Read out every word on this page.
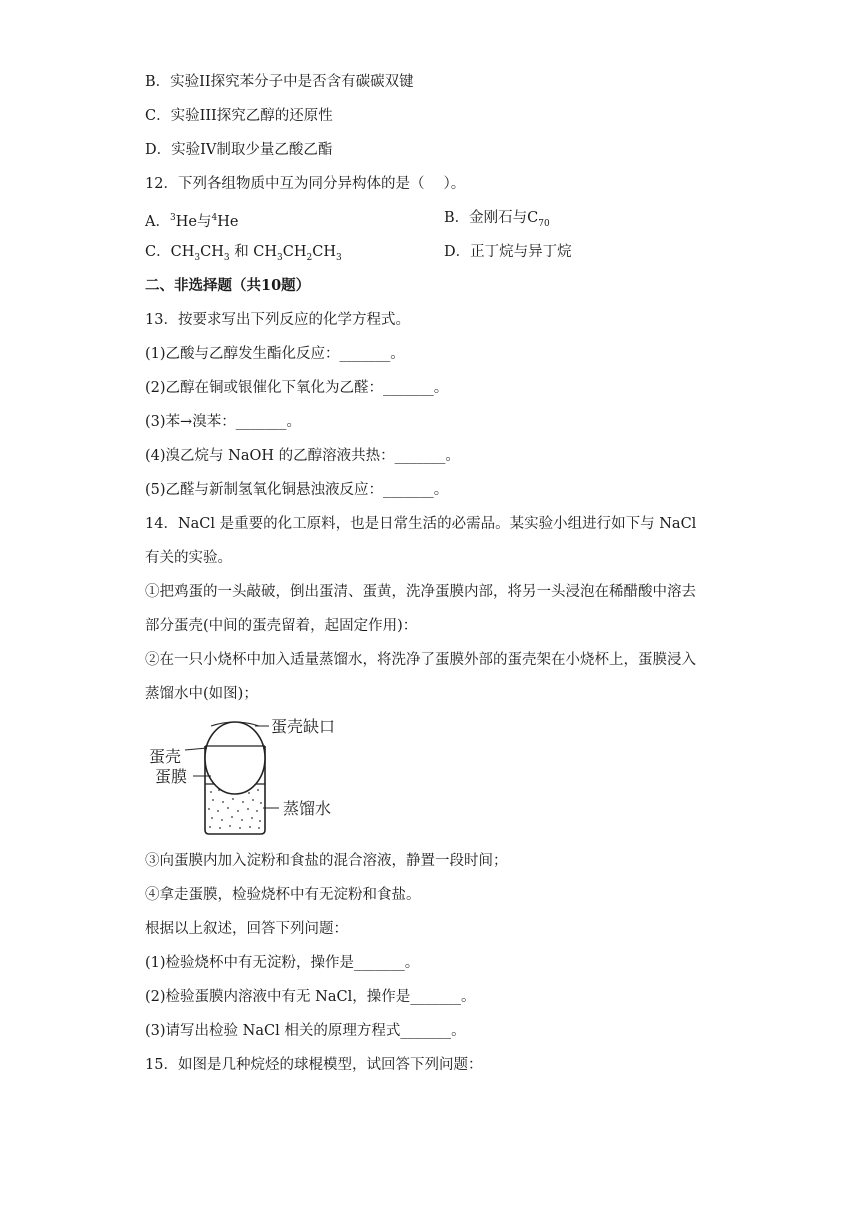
B．实验II探究苯分子中是否含有碳碳双键
C．实验III探究乙醇的还原性
D．实验IV制取少量乙酸乙酯
12．下列各组物质中互为同分异构体的是（　 ）。
A．$^3$He与$^4$He	B．金刚石与$C_{70}$
C．$CH_3CH_3$ 和 $CH_3CH_2CH_3$	D．正丁烷与异丁烷
二、非选择题（共10题）
13．按要求写出下列反应的化学方程式。
(1)乙酸与乙醇发生酯化反应：_______。
(2)乙醇在铜或银催化下氧化为乙醛：_______。
(3)苯→溴苯：_______。
(4)溴乙烷与 NaOH 的乙醇溶液共热：_______。
(5)乙醛与新制氢氧化铜悬浊液反应：_______。
14．NaCl 是重要的化工原料，也是日常生活的必需品。某实验小组进行如下与 NaCl
有关的实验。
①把鸡蛋的一头敲破，倒出蛋清、蛋黄，洗净蛋膜内部，将另一头浸泡在稀醋酸中溶去
部分蛋壳(中间的蛋壳留着，起固定作用)：
②在一只小烧杯中加入适量蒸馏水，将洗净了蛋膜外部的蛋壳架在小烧杯上，蛋膜浸入
蒸馏水中(如图)；
蛋壳缺口
蛋壳
蛋膜
蒸馏水
③向蛋膜内加入淀粉和食盐的混合溶液，静置一段时间；
④拿走蛋膜，检验烧杯中有无淀粉和食盐。
根据以上叙述，回答下列问题：
(1)检验烧杯中有无淀粉，操作是_______。
(2)检验蛋膜内溶液中有无 NaCl，操作是_______。
(3)请写出检验 NaCl 相关的原理方程式_______。
15．如图是几种烷烃的球棍模型，试回答下列问题：
